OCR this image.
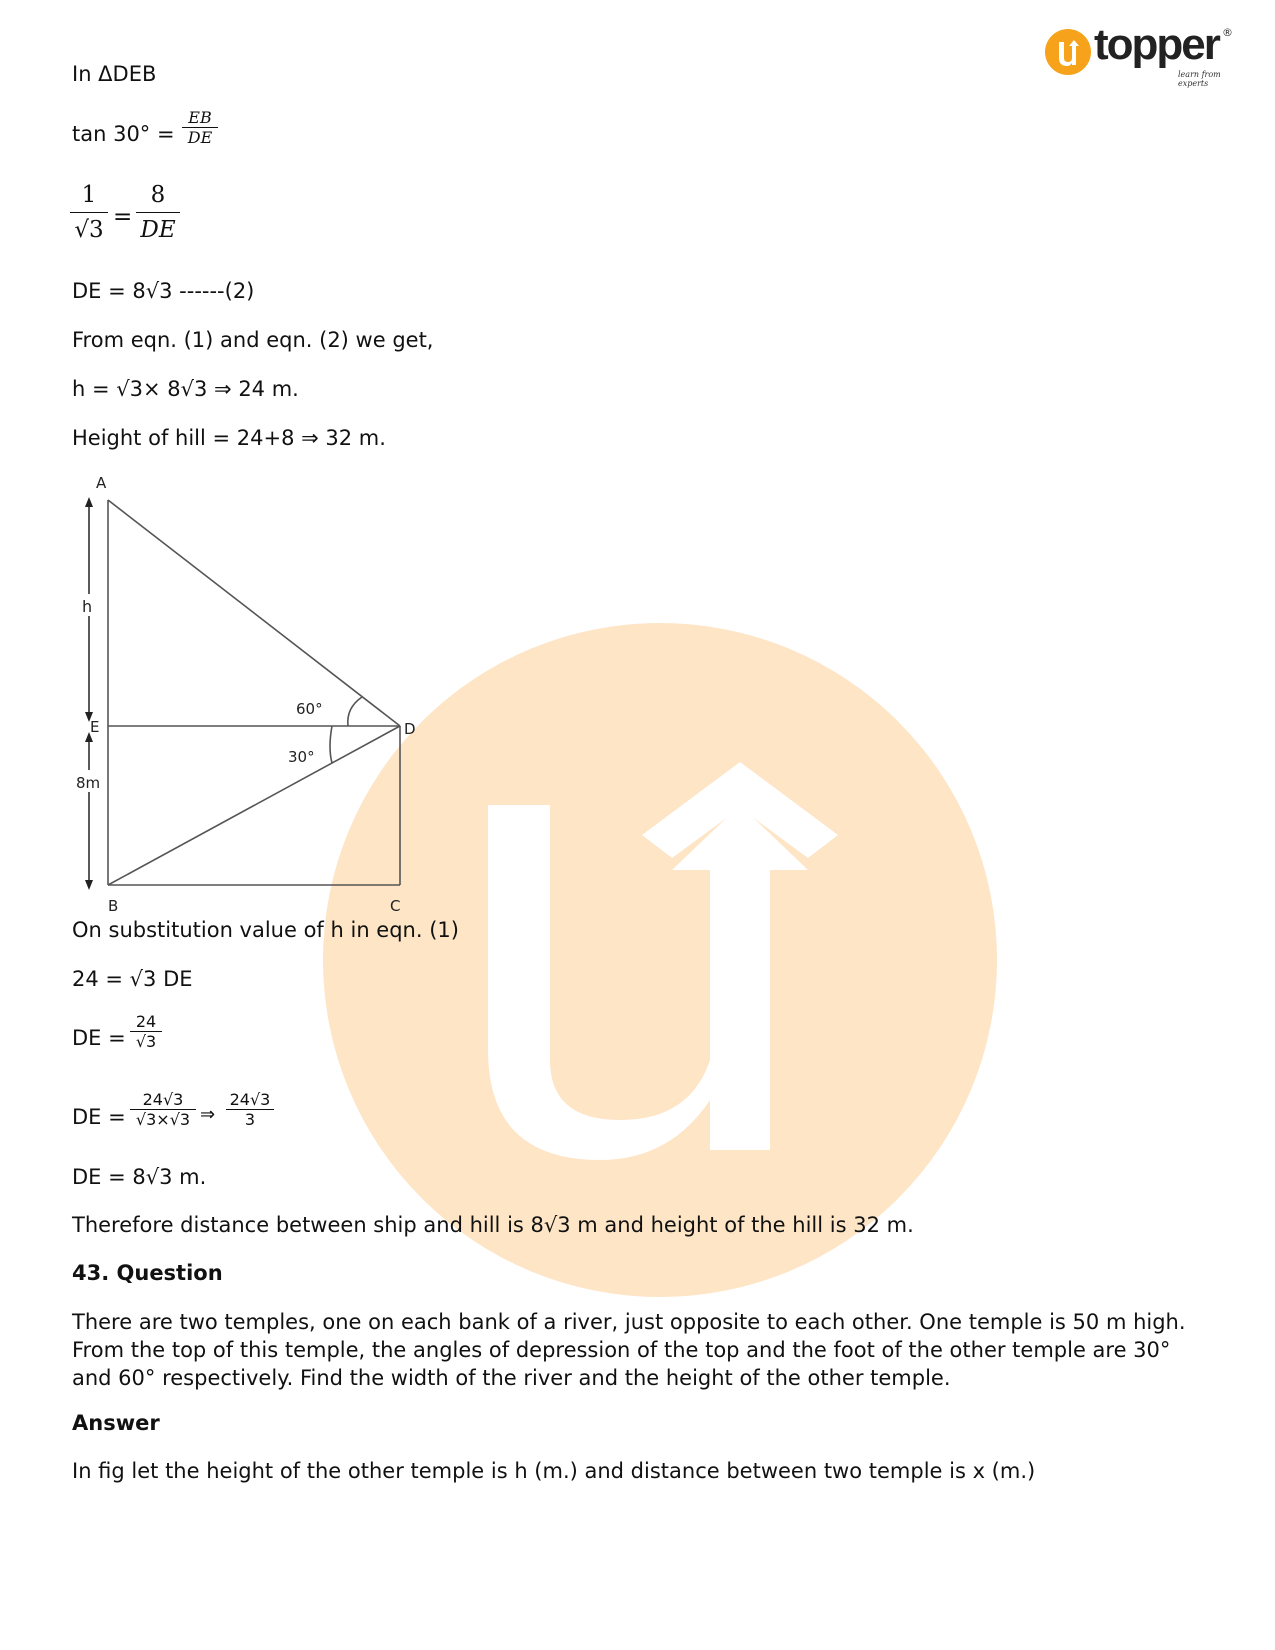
topper
learn from experts
®
In ΔDEB
$\tan 30^\circ = \frac{EB}{DE}$
$\frac{1}{√3} = \frac{8}{DE}$
DE = 8√3 ------(2)
From eqn. (1) and eqn. (2) we get,
h = √3× 8√3 ⇒ 24 m.
Height of hill = 24+8 ⇒ 32 m.
A
E	D
B	C
h
8m
60°
30°
On substitution value of h in eqn. (1)
24 = √3 DE
DE = $\frac{24}{√3}$
DE = $\frac{24√3}{√3\times√3}$ ⇒ $\frac{24√3}{3}$
DE = 8√3 m.
Therefore distance between ship and hill is 8√3 m and height of the hill is 32 m.
43. Question
There are two temples, one on each bank of a river, just opposite to each other. One temple is 50 m high. From the top of this temple, the angles of depression of the top and the foot of the other temple are 30° and 60° respectively. Find the width of the river and the height of the other temple.
Answer
In fig let the height of the other temple is h (m.) and distance between two temple is x (m.)
